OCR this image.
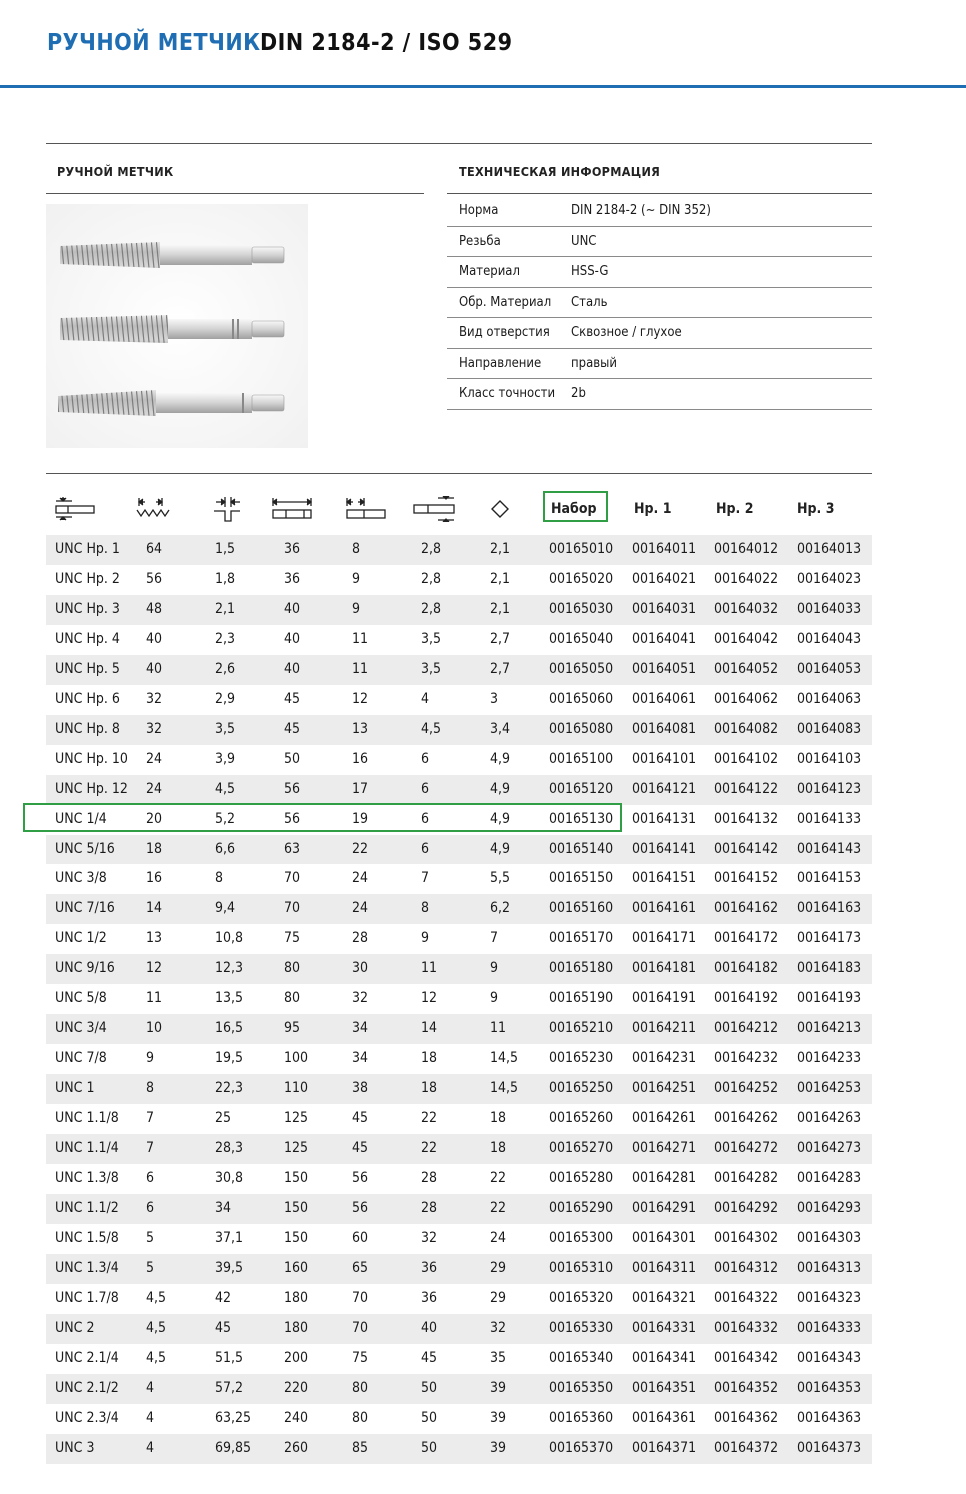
РУЧНОЙ МЕТЧИК DIN 2184-2 / ISO 529
РУЧНОЙ МЕТЧИК	ТЕХНИЧЕСКАЯ ИНФОРМАЦИЯ
Норма	DIN 2184-2 (~ DIN 352)
Резьба	UNC
Материал	HSS-G
Обр. Материал Сталь
Вид отверстия Сквозное / глухое
Направление правый
Класс точности 2b
Набор	Нр. 1	Нр. 2	Нр. 3
UNC Нр. 1 64	1,5	36	8	2,8	2,1	00165010 00164011 00164012 00164013
UNC Нр. 2 56	1,8	36	9	2,8	2,1	00165020 00164021 00164022 00164023
UNC Нр. 3 48	2,1	40	9	2,8	2,1	00165030 00164031 00164032 00164033
UNC Нр. 4 40	2,3	40	11	3,5	2,7	00165040 00164041 00164042 00164043
UNC Нр. 5 40	2,6	40	11	3,5	2,7	00165050 00164051 00164052 00164053
UNC Нр. 6 32	2,9	45	12	4	3	00165060 00164061 00164062 00164063
UNC Нр. 8 32	3,5	45	13	4,5	3,4	00165080 00164081 00164082 00164083
UNC Нр. 10 24	3,9	50	16	6	4,9	00165100 00164101 00164102 00164103
UNC Нр. 12 24	4,5	56	17	6	4,9	00165120 00164121 00164122 00164123
UNC 1/4	20	5,2	56	19	6	4,9	00165130 00164131 00164132 00164133
UNC 5/16 18	6,6	63	22	6	4,9	00165140 00164141 00164142 00164143
UNC 3/8	16	8	70	24	7	5,5	00165150 00164151 00164152 00164153
UNC 7/16 14	9,4	70	24	8	6,2	00165160 00164161 00164162 00164163
UNC 1/2	13	10,8	75	28	9	7	00165170 00164171 00164172 00164173
UNC 9/16 12	12,3	80	30	11	9	00165180 00164181 00164182 00164183
UNC 5/8	11	13,5	80	32	12	9	00165190 00164191 00164192 00164193
UNC 3/4	10	16,5	95	34	14	11	00165210 00164211 00164212 00164213
UNC 7/8	9	19,5	100	34	18	14,5 00165230 00164231 00164232 00164233
UNC 1	8	22,3	110	38	18	14,5 00165250 00164251 00164252 00164253
UNC 1.1/8 7	25	125	45	22	18	00165260 00164261 00164262 00164263
UNC 1.1/4 7	28,3	125	45	22	18	00165270 00164271 00164272 00164273
UNC 1.3/8 6	30,8	150	56	28	22	00165280 00164281 00164282 00164283
UNC 1.1/2 6	34	150	56	28	22	00165290 00164291 00164292 00164293
UNC 1.5/8 5	37,1	150	60	32	24	00165300 00164301 00164302 00164303
UNC 1.3/4 5	39,5	160	65	36	29	00165310 00164311 00164312 00164313
UNC 1.7/8 4,5	42	180	70	36	29	00165320 00164321 00164322 00164323
UNC 2	4,5	45	180	70	40	32	00165330 00164331 00164332 00164333
UNC 2.1/4 4,5	51,5	200	75	45	35	00165340 00164341 00164342 00164343
UNC 2.1/2 4	57,2	220	80	50	39	00165350 00164351 00164352 00164353
UNC 2.3/4 4	63,25 240	80	50	39	00165360 00164361 00164362 00164363
UNC 3	4	69,85 260	85	50	39	00165370 00164371 00164372 00164373
